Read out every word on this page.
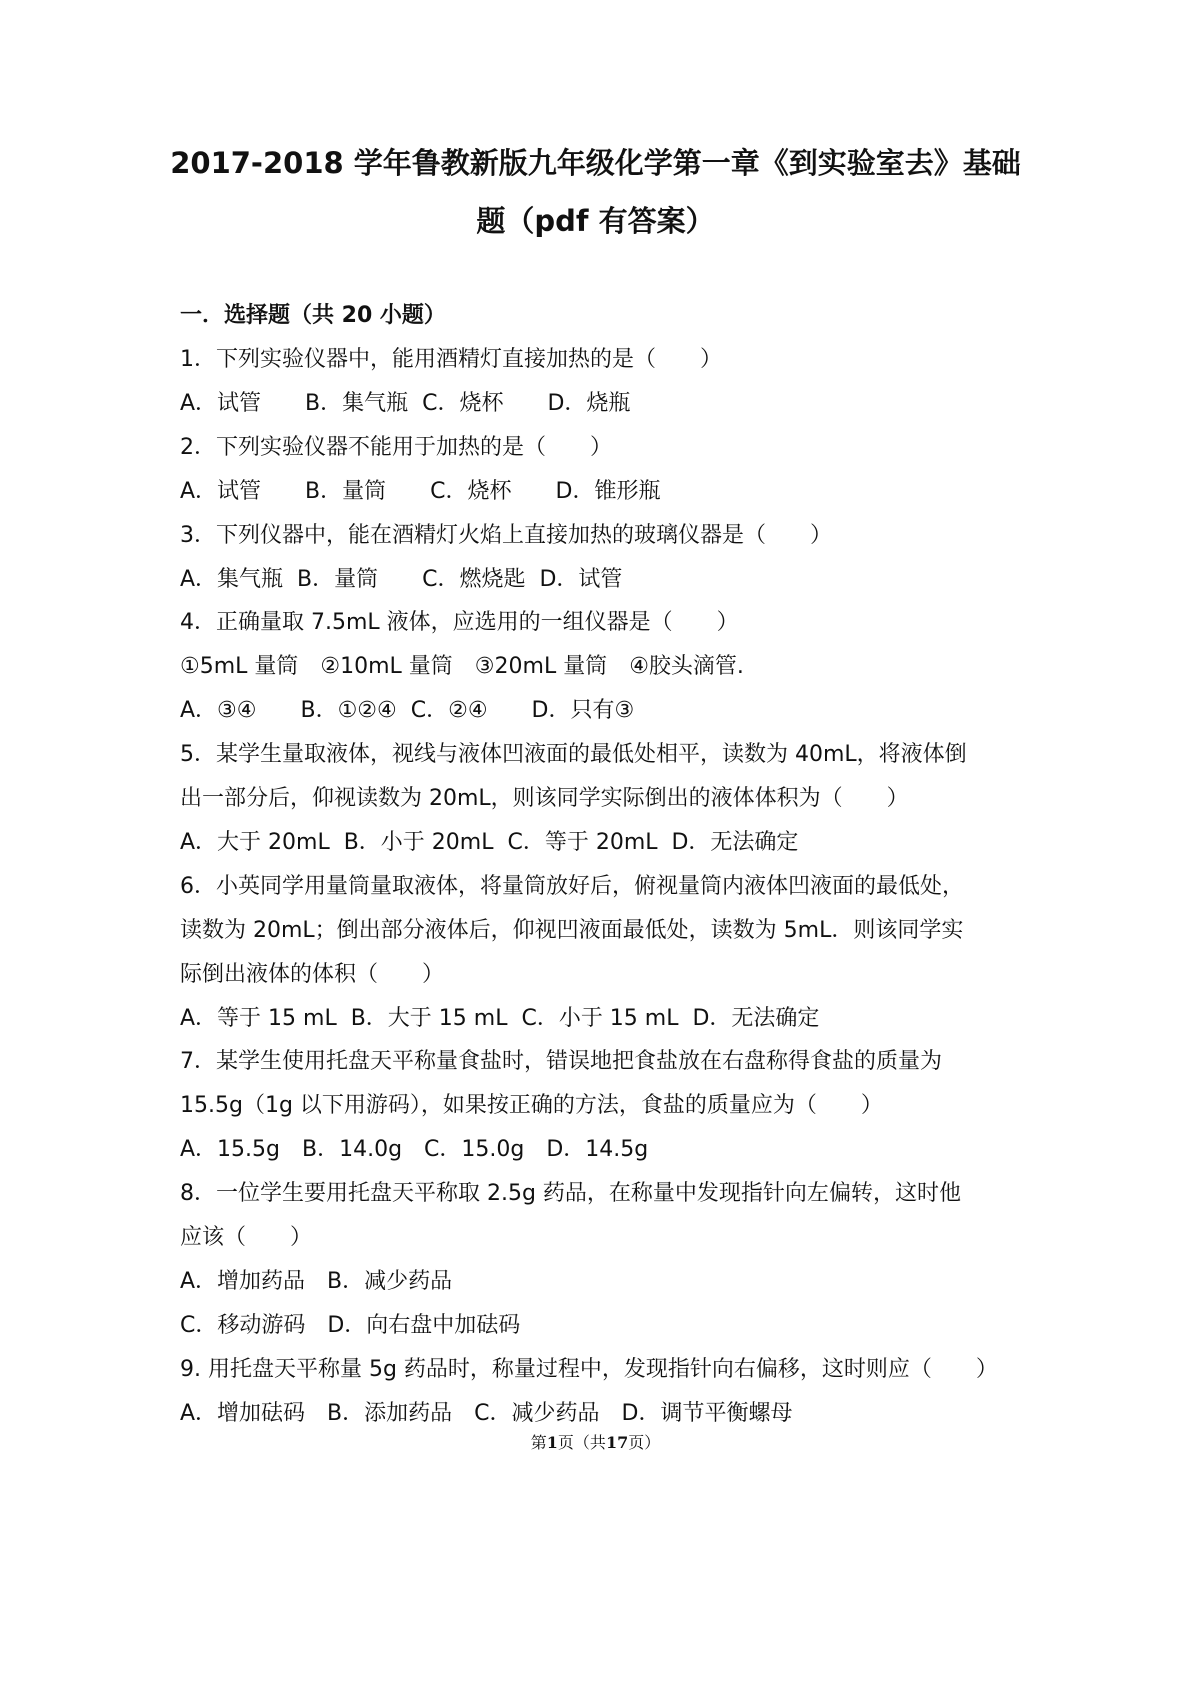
2017-2018 学年鲁教新版九年级化学第一章《到实验室去》基础
题（pdf 有答案）
一．选择题（共 20 小题）
1．下列实验仪器中，能用酒精灯直接加热的是（　　）
A．试管　　B．集气瓶  C．烧杯　　D．烧瓶
2．下列实验仪器不能用于加热的是（　　）
A．试管　　B．量筒　　C．烧杯　　D．锥形瓶
3．下列仪器中，能在酒精灯火焰上直接加热的玻璃仪器是（　　）
A．集气瓶  B．量筒　　C．燃烧匙  D．试管
4．正确量取 7.5mL 液体，应选用的一组仪器是（　　）
①5mL 量筒　②10mL 量筒　③20mL 量筒　④胶头滴管.
A．③④　　B．①②④  C．②④　　D．只有③
5．某学生量取液体，视线与液体凹液面的最低处相平，读数为 40mL，将液体倒
出一部分后，仰视读数为 20mL，则该同学实际倒出的液体体积为（　　）
A．大于 20mL  B．小于 20mL  C．等于 20mL  D．无法确定
6．小英同学用量筒量取液体，将量筒放好后，俯视量筒内液体凹液面的最低处，
读数为 20mL；倒出部分液体后，仰视凹液面最低处，读数为 5mL．则该同学实
际倒出液体的体积（　　）
A．等于 15 mL  B．大于 15 mL  C．小于 15 mL  D．无法确定
7．某学生使用托盘天平称量食盐时，错误地把食盐放在右盘称得食盐的质量为
15.5g（1g 以下用游码），如果按正确的方法，食盐的质量应为（　　）
A．15.5g　B．14.0g　C．15.0g　D．14.5g
8．一位学生要用托盘天平称取 2.5g 药品，在称量中发现指针向左偏转，这时他
应该（　　）
A．增加药品　B．减少药品
C．移动游码　D．向右盘中加砝码
9. 用托盘天平称量 5g 药品时，称量过程中，发现指针向右偏移，这时则应（　　）
A．增加砝码　B．添加药品　C．减少药品　D．调节平衡螺母
第1页（共17页）
